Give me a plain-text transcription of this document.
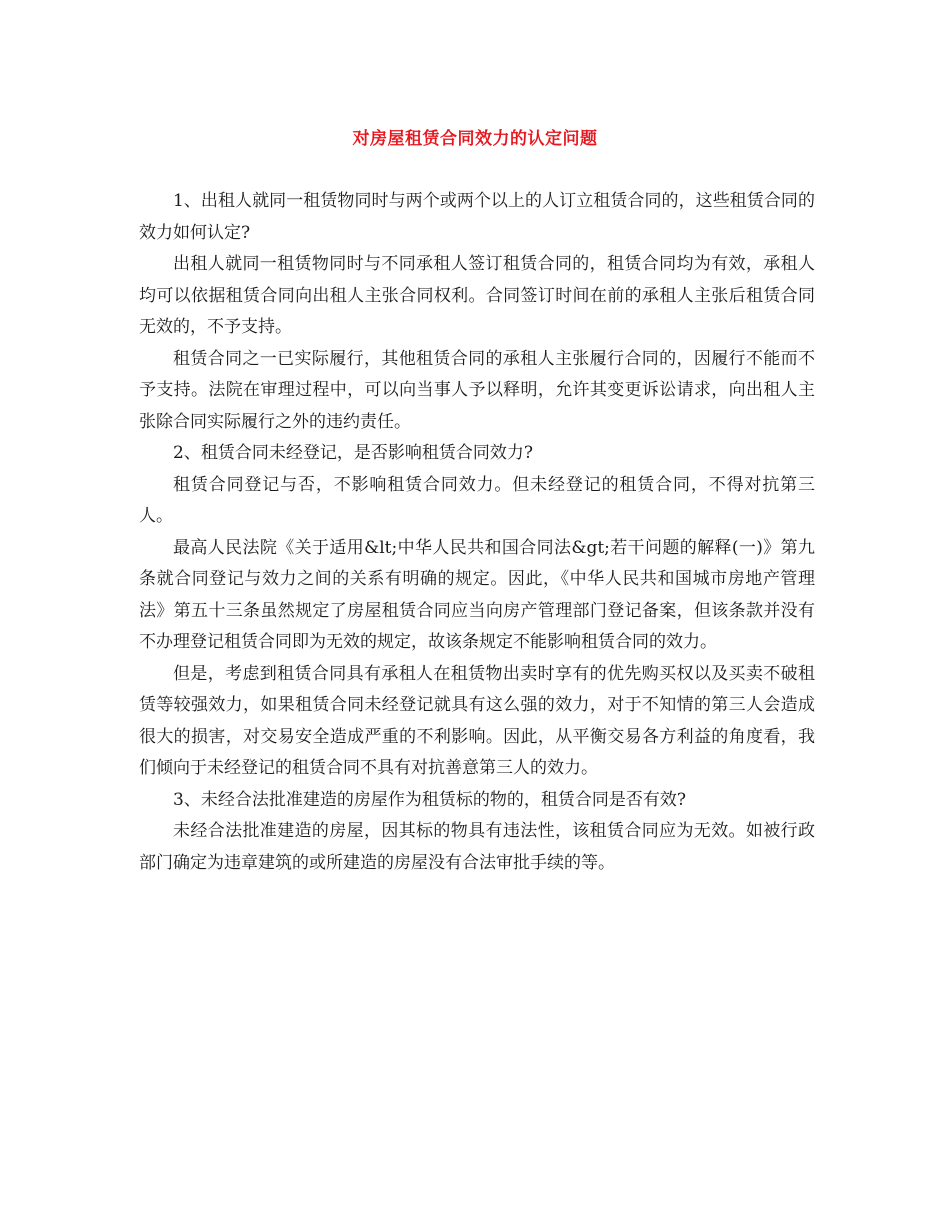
对房屋租赁合同效力的认定问题

1、出租人就同一租赁物同时与两个或两个以上的人订立租赁合同的，这些租赁合同的效力如何认定?

出租人就同一租赁物同时与不同承租人签订租赁合同的，租赁合同均为有效，承租人均可以依据租赁合同向出租人主张合同权利。合同签订时间在前的承租人主张后租赁合同无效的，不予支持。

租赁合同之一已实际履行，其他租赁合同的承租人主张履行合同的，因履行不能而不予支持。法院在审理过程中，可以向当事人予以释明，允许其变更诉讼请求，向出租人主张除合同实际履行之外的违约责任。

2、租赁合同未经登记，是否影响租赁合同效力?

租赁合同登记与否，不影响租赁合同效力。但未经登记的租赁合同，不得对抗第三人。

最高人民法院《关于适用&lt;中华人民共和国合同法&gt;若干问题的解释(一)》第九条就合同登记与效力之间的关系有明确的规定。因此，《中华人民共和国城市房地产管理法》第五十三条虽然规定了房屋租赁合同应当向房产管理部门登记备案，但该条款并没有不办理登记租赁合同即为无效的规定，故该条规定不能影响租赁合同的效力。

但是，考虑到租赁合同具有承租人在租赁物出卖时享有的优先购买权以及买卖不破租赁等较强效力，如果租赁合同未经登记就具有这么强的效力，对于不知情的第三人会造成很大的损害，对交易安全造成严重的不利影响。因此，从平衡交易各方利益的角度看，我们倾向于未经登记的租赁合同不具有对抗善意第三人的效力。

3、未经合法批准建造的房屋作为租赁标的物的，租赁合同是否有效?

未经合法批准建造的房屋，因其标的物具有违法性，该租赁合同应为无效。如被行政部门确定为违章建筑的或所建造的房屋没有合法审批手续的等。
